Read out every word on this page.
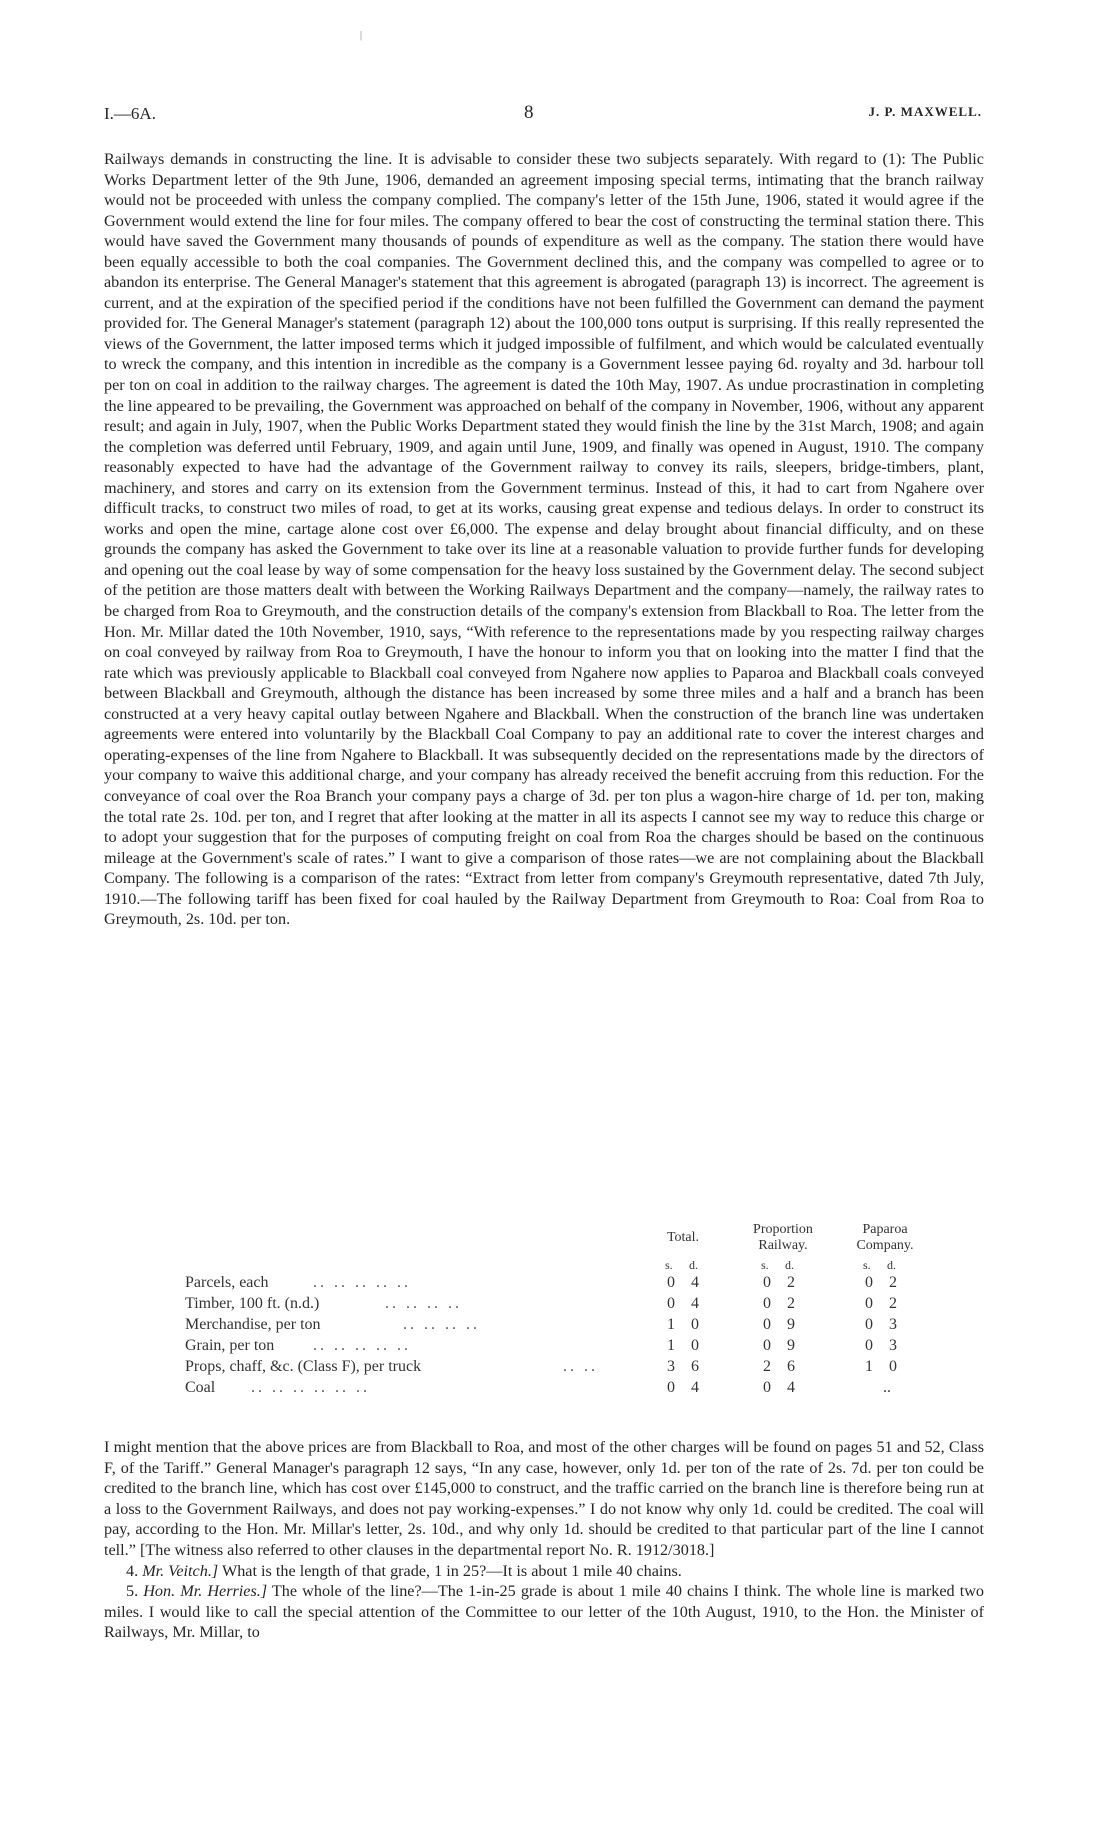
|
I.—6A.	8	J. P. MAXWELL.

Railways demands in constructing the line. It is advisable to consider these two subjects separately. With regard to (1): The Public Works Department letter of the 9th June, 1906, demanded an agreement imposing special terms, intimating that the branch railway would not be proceeded with unless the company complied. The company's letter of the 15th June, 1906, stated it would agree if the Government would extend the line for four miles. The company offered to bear the cost of constructing the terminal station there. This would have saved the Government many thousands of pounds of expenditure as well as the company. The station there would have been equally accessible to both the coal companies. The Government declined this, and the company was compelled to agree or to abandon its enterprise. The General Manager's statement that this agreement is abrogated (paragraph 13) is incorrect. The agreement is current, and at the expiration of the specified period if the conditions have not been fulfilled the Government can demand the payment provided for. The General Manager's statement (paragraph 12) about the 100,000 tons output is surprising. If this really represented the views of the Government, the latter imposed terms which it judged impossible of fulfilment, and which would be calculated eventually to wreck the company, and this intention in incredible as the company is a Government lessee paying 6d. royalty and 3d. harbour toll per ton on coal in addition to the railway charges. The agreement is dated the 10th May, 1907. As undue procrastination in completing the line appeared to be prevailing, the Government was approached on behalf of the company in November, 1906, without any apparent result; and again in July, 1907, when the Public Works Department stated they would finish the line by the 31st March, 1908; and again the completion was deferred until February, 1909, and again until June, 1909, and finally was opened in August, 1910. The company reasonably expected to have had the advantage of the Government railway to convey its rails, sleepers, bridge-timbers, plant, machinery, and stores and carry on its extension from the Government terminus. Instead of this, it had to cart from Ngahere over difficult tracks, to construct two miles of road, to get at its works, causing great expense and tedious delays. In order to construct its works and open the mine, cartage alone cost over £6,000. The expense and delay brought about financial difficulty, and on these grounds the company has asked the Government to take over its line at a reasonable valuation to provide further funds for developing and opening out the coal lease by way of some compensation for the heavy loss sustained by the Government delay. The second subject of the petition are those matters dealt with between the Working Railways Department and the company—namely, the railway rates to be charged from Roa to Greymouth, and the construction details of the company's extension from Blackball to Roa. The letter from the Hon. Mr. Millar dated the 10th November, 1910, says, “With reference to the representations made by you respecting railway charges on coal conveyed by railway from Roa to Greymouth, I have the honour to inform you that on looking into the matter I find that the rate which was previously applicable to Blackball coal conveyed from Ngahere now applies to Paparoa and Blackball coals conveyed between Blackball and Greymouth, although the distance has been increased by some three miles and a half and a branch has been constructed at a very heavy capital outlay between Ngahere and Blackball. When the construction of the branch line was undertaken agreements were entered into voluntarily by the Blackball Coal Company to pay an additional rate to cover the interest charges and operating-expenses of the line from Ngahere to Blackball. It was subsequently decided on the representations made by the directors of your company to waive this additional charge, and your company has already received the benefit accruing from this reduction. For the conveyance of coal over the Roa Branch your company pays a charge of 3d. per ton plus a wagon-hire charge of 1d. per ton, making the total rate 2s. 10d. per ton, and I regret that after looking at the matter in all its aspects I cannot see my way to reduce this charge or to adopt your suggestion that for the purposes of computing freight on coal from Roa the charges should be based on the continuous mileage at the Government's scale of rates.” I want to give a comparison of those rates—we are not complaining about the Blackball Company. The following is a comparison of the rates: “Extract from letter from company's Greymouth representative, dated 7th July, 1910.—The following tariff has been fixed for coal hauled by the Railway Department from Greymouth to Roa: Coal from Roa to Greymouth, 2s. 10d. per ton.

Total.
Proportion
Railway.
Paparoa
Company.
s. d.	s. d.	s. d.
Parcels, each	.. .. .. .. ..	0 4	0 2	0 2
Timber, 100 ft. (n.d.)	.. .. .. ..	0 4	0 2	0 2
Merchandise, per ton	.. .. .. ..	1 0	0 9	0 3
Grain, per ton .. .. .. .. ..	1 0	0 9	0 3
Props, chaff, &c. (Class F), per truck	.. ..	3 6	2 6	1 0
Coal .. .. .. .. .. ..	0 4	0 4	..

I might mention that the above prices are from Blackball to Roa, and most of the other charges will be found on pages 51 and 52, Class F, of the Tariff.” General Manager's paragraph 12 says, “In any case, however, only 1d. per ton of the rate of 2s. 7d. per ton could be credited to the branch line, which has cost over £145,000 to construct, and the traffic carried on the branch line is therefore being run at a loss to the Government Railways, and does not pay working-expenses.” I do not know why only 1d. could be credited. The coal will pay, according to the Hon. Mr. Millar's letter, 2s. 10d., and why only 1d. should be credited to that particular part of the line I cannot tell.” [The witness also referred to other clauses in the departmental report No. R. 1912/3018.]

4. Mr. Veitch.] What is the length of that grade, 1 in 25?—It is about 1 mile 40 chains.

5. Hon. Mr. Herries.] The whole of the line?—The 1-in-25 grade is about 1 mile 40 chains I think. The whole line is marked two miles. I would like to call the special attention of the Committee to our letter of the 10th August, 1910, to the Hon. the Minister of Railways, Mr. Millar, to
